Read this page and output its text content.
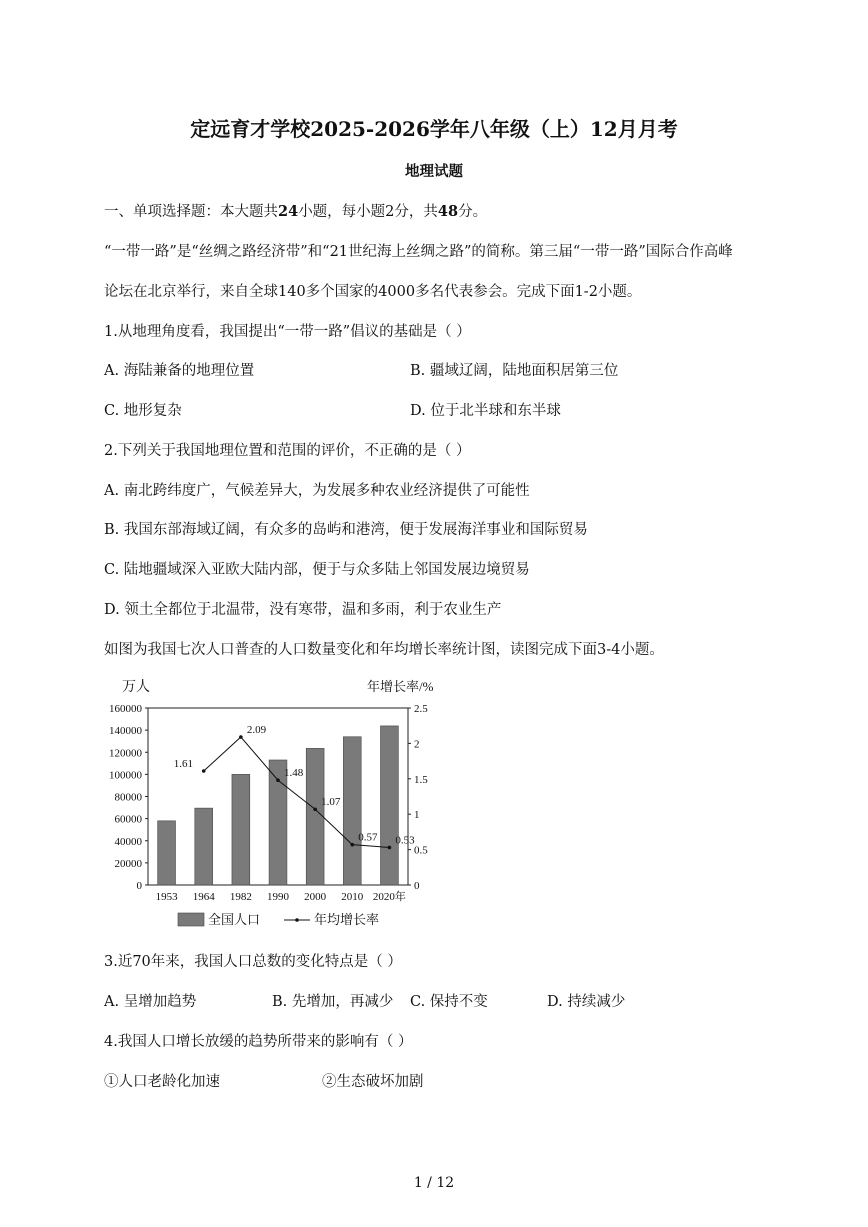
定远育才学校2025-2026学年八年级（上）12月月考
地理试题
一、单项选择题：本大题共24小题，每小题2分，共48分。
“一带一路”是“丝绸之路经济带”和“21世纪海上丝绸之路”的简称。第三届“一带一路”国际合作高峰
论坛在北京举行，来自全球140多个国家的4000多名代表参会。完成下面1-2小题。
1.从地理角度看，我国提出“一带一路”倡议的基础是（ ）
A. 海陆兼备的地理位置	B. 疆域辽阔，陆地面积居第三位
C. 地形复杂	D. 位于北半球和东半球
2.下列关于我国地理位置和范围的评价，不正确的是（ ）
A. 南北跨纬度广，气候差异大，为发展多种农业经济提供了可能性
B. 我国东部海域辽阔，有众多的岛屿和港湾，便于发展海洋事业和国际贸易
C. 陆地疆域深入亚欧大陆内部，便于与众多陆上邻国发展边境贸易
D. 领土全都位于北温带，没有寒带，温和多雨，利于农业生产
如图为我国七次人口普查的人口数量变化和年均增长率统计图，读图完成下面3-4小题。
万人	年增长率/%
0
20000
40000
60000
80000
100000
120000
140000
160000
0
0.5
1
1.5
2
2.5
1953 1964 1982 1990 2000 2010 2020年
1.61
2.09
1.48
1.07
0.57 0.53
全国人口	年均增长率
3.近70年来，我国人口总数的变化特点是（ ）
A. 呈增加趋势	B. 先增加，再减少 C. 保持不变	D. 持续减少
4.我国人口增长放缓的趋势所带来的影响有（ ）
①人口老龄化加速	②生态破坏加剧
1 / 12
